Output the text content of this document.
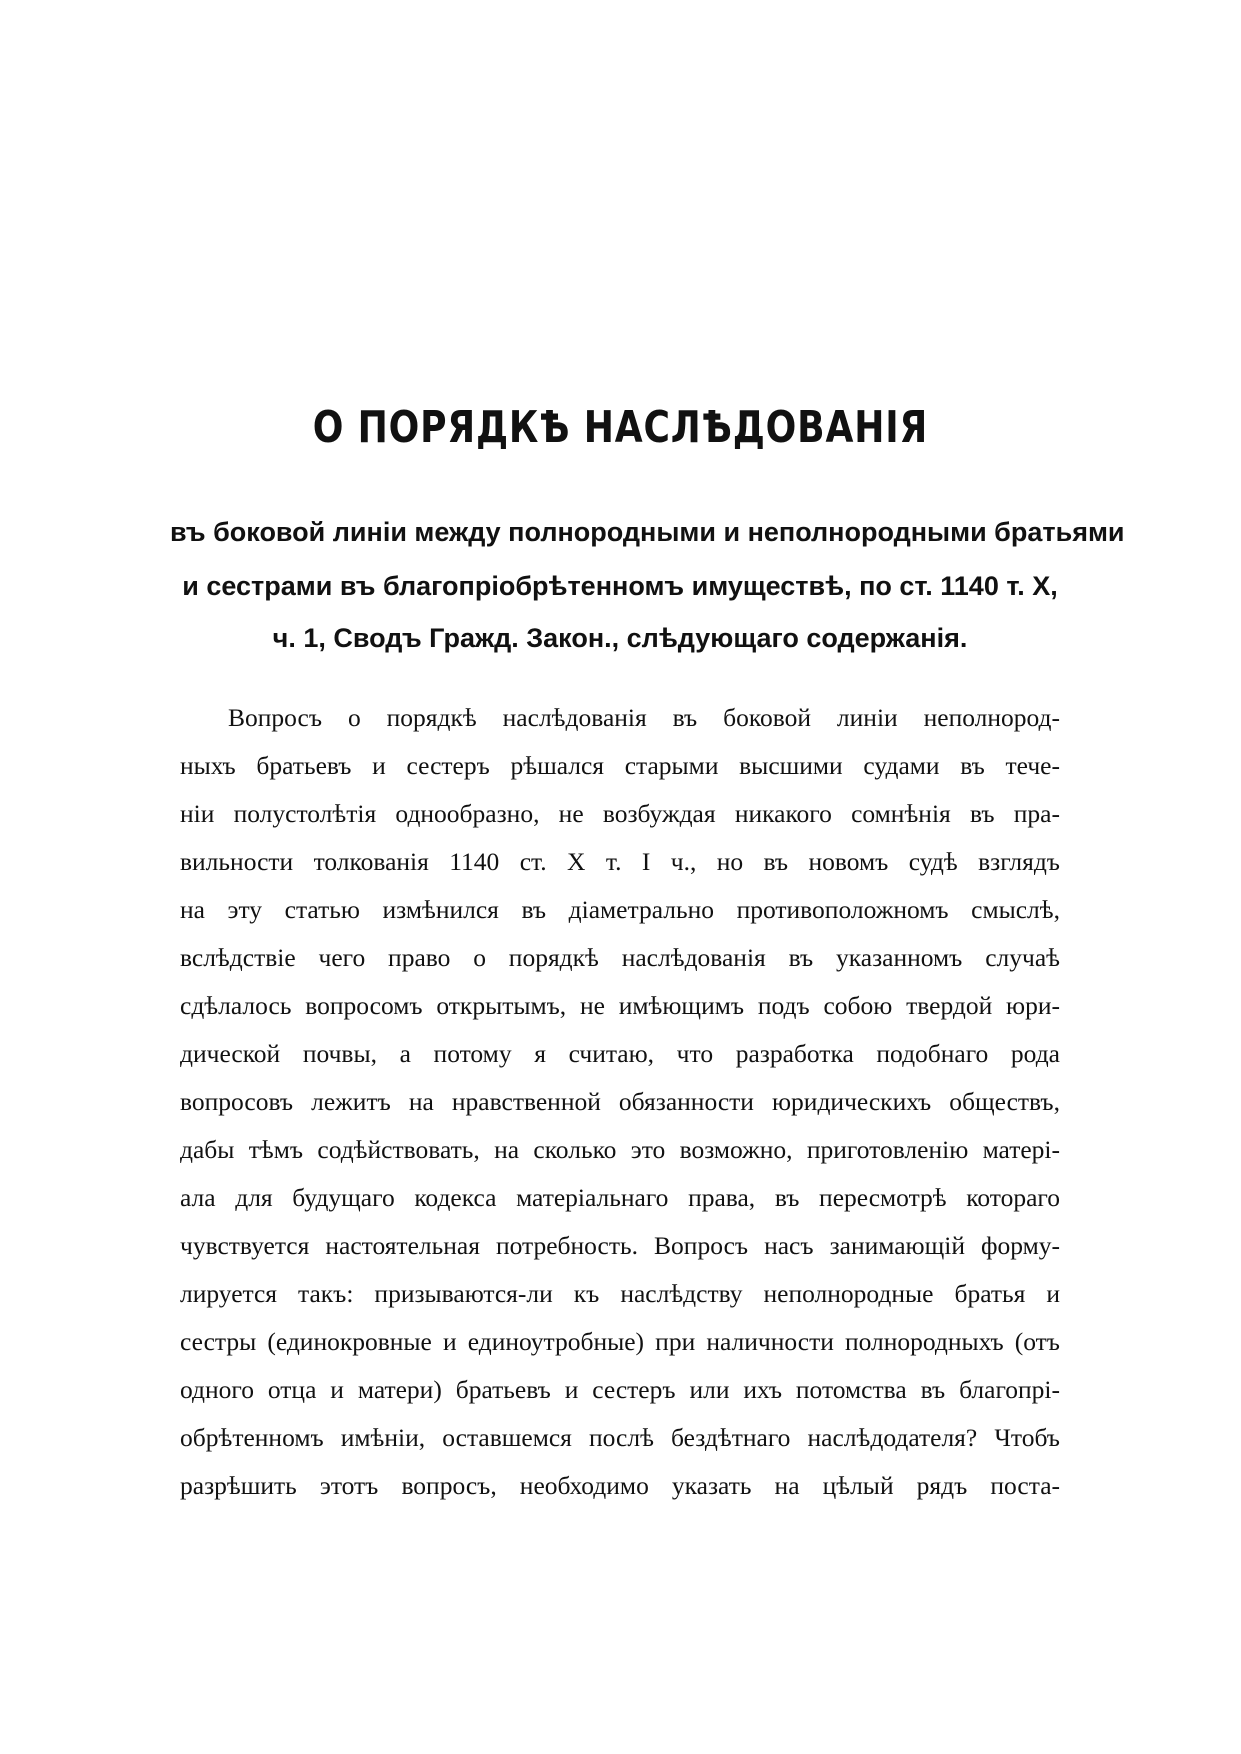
О ПОРЯДКѢ НАСЛѢДОВАНІЯ
въ боковой линіи между полнородными и неполнородными братьями
и сестрами въ благопріобрѣтенномъ имуществѣ, по ст. 1140 т. X,
ч. 1, Сводъ Гражд. Закон., слѣдующаго содержанія.
Вопросъ о порядкѣ наслѣдованія въ боковой линіи неполнород-
ныхъ братьевъ и сестеръ рѣшался старыми высшими судами въ тече-
ніи полустолѣтія однообразно, не возбуждая никакого сомнѣнія въ пра-
вильности толкованія 1140 ст. X т. I ч., но въ новомъ судѣ взглядъ
на эту статью измѣнился въ діаметрально противоположномъ смыслѣ,
вслѣдствіе чего право о порядкѣ наслѣдованія въ указанномъ случаѣ
сдѣлалось вопросомъ открытымъ, не имѣющимъ подъ собою твердой юри-
дической почвы, а потому я считаю, что разработка подобнаго рода
вопросовъ лежитъ на нравственной обязанности юридическихъ обществъ,
дабы тѣмъ содѣйствовать, на сколько это возможно, приготовленію матері-
ала для будущаго кодекса матеріальнаго права, въ пересмотрѣ котораго
чувствуется настоятельная потребность. Вопросъ насъ занимающій форму-
лируется такъ: призываются-ли къ наслѣдству неполнородные братья и
сестры (единокровные и единоутробные) при наличности полнородныхъ (отъ
одного отца и матери) братьевъ и сестеръ или ихъ потомства въ благопрі-
обрѣтенномъ имѣніи, оставшемся послѣ бездѣтнаго наслѣдодателя? Чтобъ
разрѣшить этотъ вопросъ, необходимо указать на цѣлый рядъ поста-
